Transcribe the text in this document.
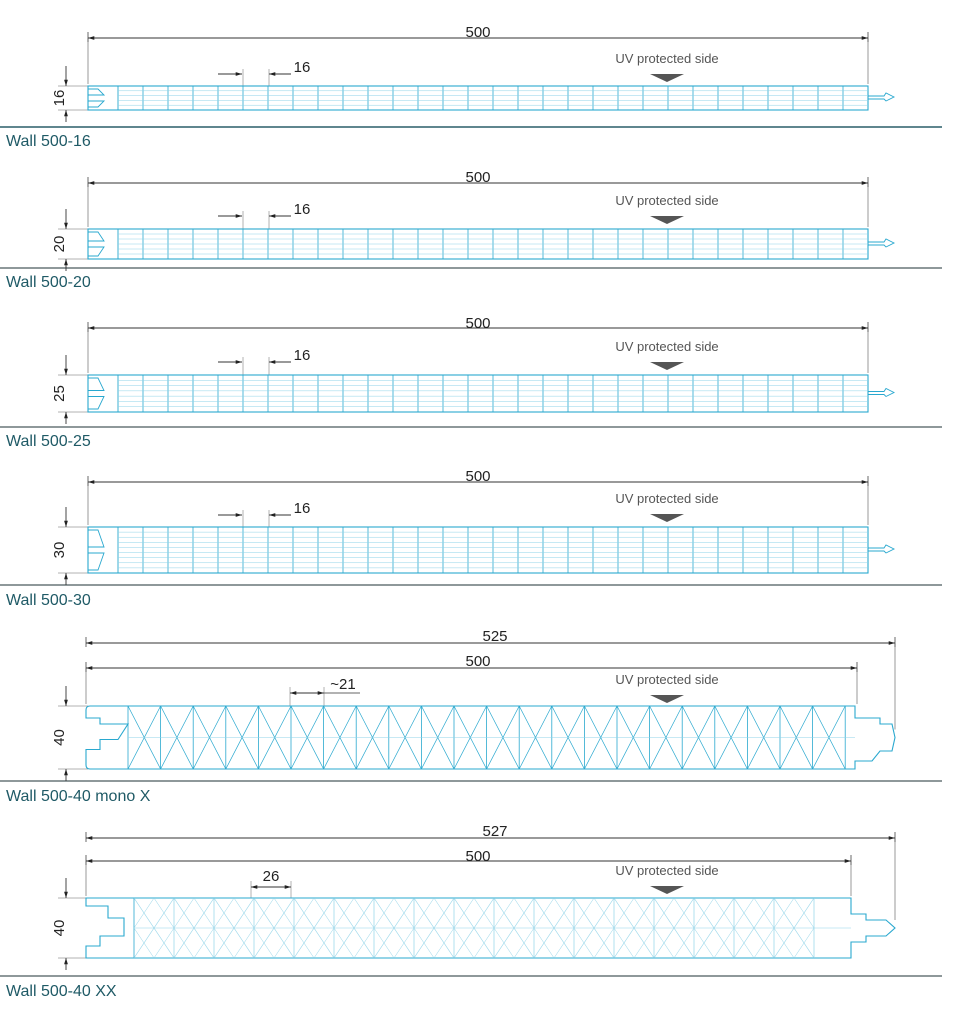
500
16
UV protected side
16
500
16
UV protected side
20
500
16
UV protected side
25
500
16
UV protected side
30
500
525
~21	UV protected side
40
500
527
26	UV protected side
40
Wall 500-16
Wall 500-20
Wall 500-25
Wall 500-30
Wall 500-40 mono X
Wall 500-40 XX
